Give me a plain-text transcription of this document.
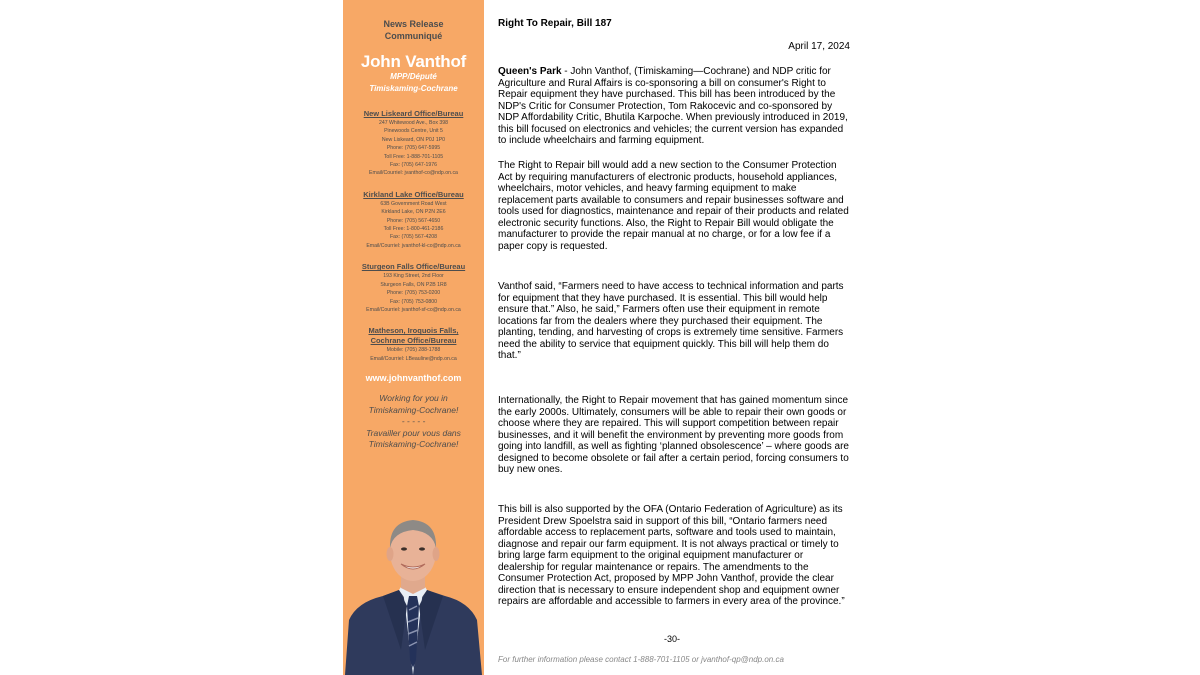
News Release
Communiqué
John Vanthof
MPP/Député
Timiskaming-Cochrane
New Liskeard Office/Bureau
247 Whitewood Ave., Box 398
Pinewoods Centre, Unit 5
New Liskeard, ON P0J 1P0
Phone: (705) 647-5995
Toll Free: 1-888-701-1105
Fax: (705) 647-1976
Email/Courriel: jvanthof-co@ndp.on.ca
Kirkland Lake Office/Bureau
63B Government Road West
Kirkland Lake, ON P2N 2E6
Phone: (705) 567-4650
Toll Free: 1-800-461-2186
Fax: (705) 567-4208
Email/Courriel: jvanthof-kl-co@ndp.on.ca
Sturgeon Falls Office/Bureau
193 King Street, 2nd Floor
Sturgeon Falls, ON P2B 1R8
Phone: (705) 753-0200
Fax: (705) 753-0800
Email/Courriel: jvanthof-sf-co@ndp.on.ca
Matheson, Iroquois Falls,
Cochrane Office/Bureau
Mobile: (705) 288-1788
Email/Courriel: LBeauline@ndp.on.ca
www.johnvanthof.com
Working for you in
Timiskaming-Cochrane!
- - - - -
Travailler pour vous dans
Timiskaming-Cochrane!
Right To Repair, Bill 187
April 17, 2024

Queen's Park - John Vanthof, (Timiskaming—Cochrane) and NDP critic for Agriculture and Rural Affairs is co-sponsoring a bill on consumer's Right to Repair equipment they have purchased. This bill has been introduced by the NDP's Critic for Consumer Protection, Tom Rakocevic and co-sponsored by NDP Affordability Critic, Bhutila Karpoche. When previously introduced in 2019, this bill focused on electronics and vehicles; the current version has expanded to include wheelchairs and farming equipment.

The Right to Repair bill would add a new section to the Consumer Protection Act by requiring manufacturers of electronic products, household appliances, wheelchairs, motor vehicles, and heavy farming equipment to make replacement parts available to consumers and repair businesses software and tools used for diagnostics, maintenance and repair of their products and related electronic security functions. Also, the Right to Repair Bill would obligate the manufacturer to provide the repair manual at no charge, or for a low fee if a paper copy is requested.

Vanthof said, “Farmers need to have access to technical information and parts for equipment that they have purchased. It is essential. This bill would help ensure that.” Also, he said,” Farmers often use their equipment in remote locations far from the dealers where they purchased their equipment. The planting, tending, and harvesting of crops is extremely time sensitive. Farmers need the ability to service that equipment quickly. This bill will help them do that.”

Internationally, the Right to Repair movement that has gained momentum since the early 2000s. Ultimately, consumers will be able to repair their own goods or choose where they are repaired. This will support competition between repair businesses, and it will benefit the environment by preventing more goods from going into landfill, as well as fighting ‘planned obsolescence’ – where goods are designed to become obsolete or fail after a certain period, forcing consumers to buy new ones.

This bill is also supported by the OFA (Ontario Federation of Agriculture) as its President Drew Spoelstra said in support of this bill, “Ontario farmers need affordable access to replacement parts, software and tools used to maintain, diagnose and repair our farm equipment. It is not always practical or timely to bring large farm equipment to the original equipment manufacturer or dealership for regular maintenance or repairs. The amendments to the Consumer Protection Act, proposed by MPP John Vanthof, provide the clear direction that is necessary to ensure independent shop and equipment owner repairs are affordable and accessible to farmers in every area of the province.”

-30-
For further information please contact 1-888-701-1105 or jvanthof-qp@ndp.on.ca
